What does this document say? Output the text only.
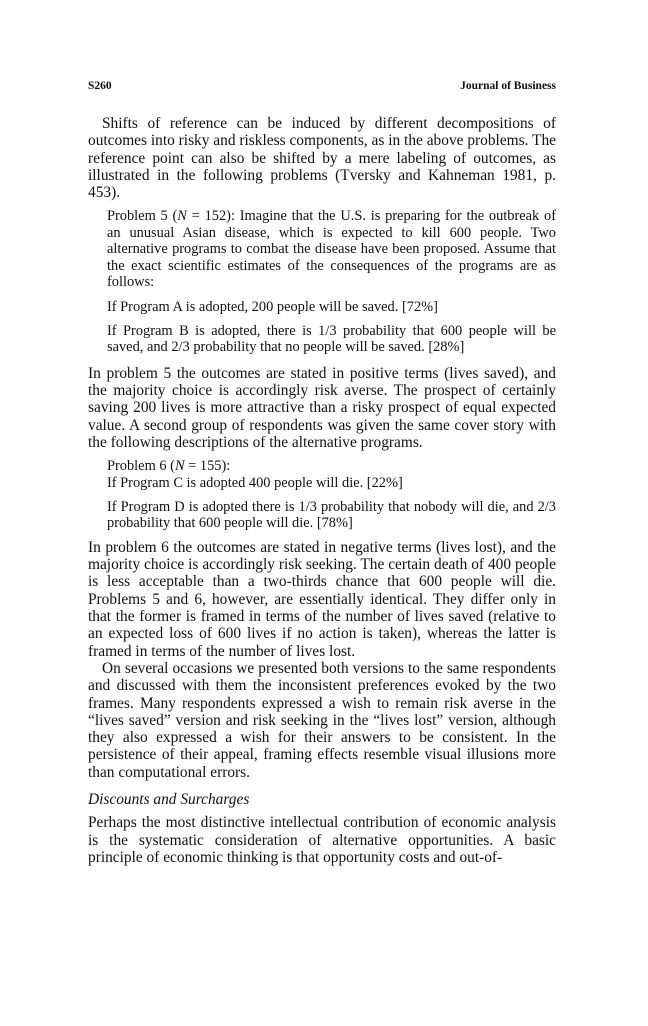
S260	Journal of Business

Shifts of reference can be induced by different decompositions of outcomes into risky and riskless components, as in the above problems. The reference point can also be shifted by a mere labeling of outcomes, as illustrated in the following problems (Tversky and Kahneman 1981, p. 453).

Problem 5 (N = 152): Imagine that the U.S. is preparing for the outbreak of an unusual Asian disease, which is expected to kill 600 people. Two alternative programs to combat the disease have been proposed. Assume that the exact scientific estimates of the consequences of the programs are as follows:

If Program A is adopted, 200 people will be saved. [72%]

If Program B is adopted, there is 1/3 probability that 600 people will be saved, and 2/3 probability that no people will be saved. [28%]

In problem 5 the outcomes are stated in positive terms (lives saved), and the majority choice is accordingly risk averse. The prospect of certainly saving 200 lives is more attractive than a risky prospect of equal expected value. A second group of respondents was given the same cover story with the following descriptions of the alternative programs.

Problem 6 (N = 155):

If Program C is adopted 400 people will die. [22%]

If Program D is adopted there is 1/3 probability that nobody will die, and 2/3 probability that 600 people will die. [78%]

In problem 6 the outcomes are stated in negative terms (lives lost), and the majority choice is accordingly risk seeking. The certain death of 400 people is less acceptable than a two-thirds chance that 600 people will die. Problems 5 and 6, however, are essentially identical. They differ only in that the former is framed in terms of the number of lives saved (relative to an expected loss of 600 lives if no action is taken), whereas the latter is framed in terms of the number of lives lost.

On several occasions we presented both versions to the same respondents and discussed with them the inconsistent preferences evoked by the two frames. Many respondents expressed a wish to remain risk averse in the “lives saved” version and risk seeking in the “lives lost” version, although they also expressed a wish for their answers to be consistent. In the persistence of their appeal, framing effects resemble visual illusions more than computational errors.

Discounts and Surcharges

Perhaps the most distinctive intellectual contribution of economic analysis is the systematic consideration of alternative opportunities. A basic principle of economic thinking is that opportunity costs and out-of-
